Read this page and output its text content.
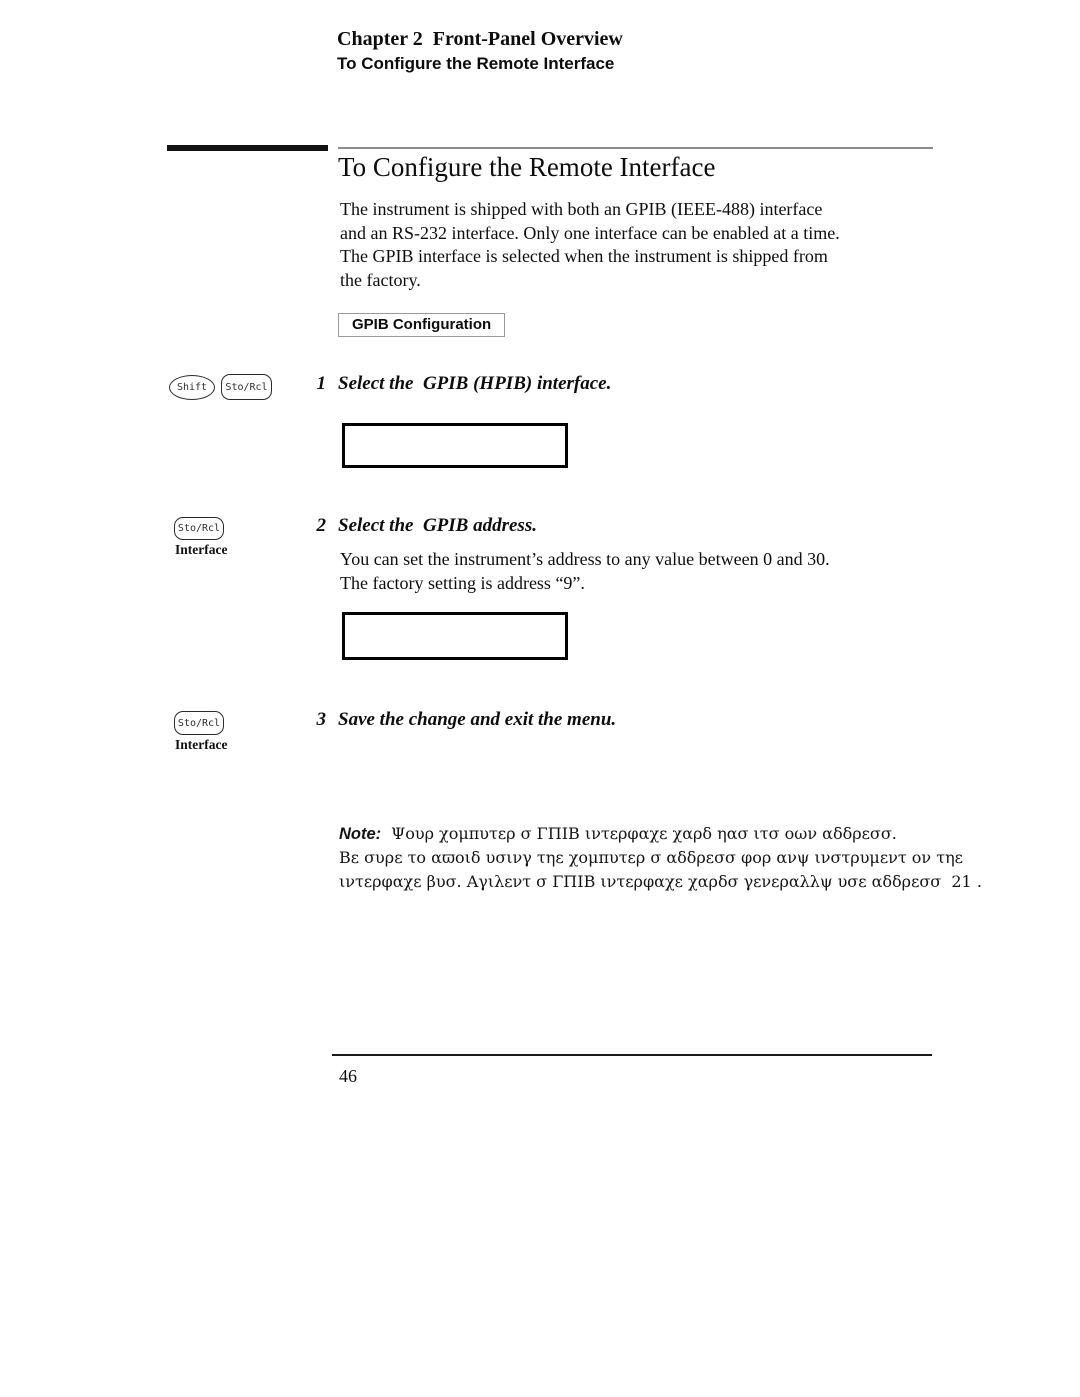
Chapter 2  Front-Panel Overview
To Configure the Remote Interface
To Configure the Remote Interface
The instrument is shipped with both an GPIB (IEEE-488) interface
and an RS-232 interface. Only one interface can be enabled at a time.
The GPIB interface is selected when the instrument is shipped from
the factory.
GPIB Configuration
Shift Sto/Rcl	1 Select the  GPIB (HPIB) interface.
Sto/Rcl
Interface
2 Select the  GPIB address.
You can set the instrument’s address to any value between 0 and 30.
The factory setting is address “9”.
Sto/Rcl
Interface
3 Save the change and exit the menu.
Note: Ψουρ χομπυτερ σ ΓΠΙΒ ιντερφαχε χαρδ ηασ ιτσ οων αδδρεσσ.
Βε συρε το αϖοιδ υσινγ τηε χομπυτερ σ αδδρεσσ φορ ανψ ινστρυμεντ ον τηε
ιντερφαχε βυσ. Αγιλεντ σ ΓΠΙΒ ιντερφαχε χαρδσ γενεραλλψ υσε αδδρεσσ  21 .
46
